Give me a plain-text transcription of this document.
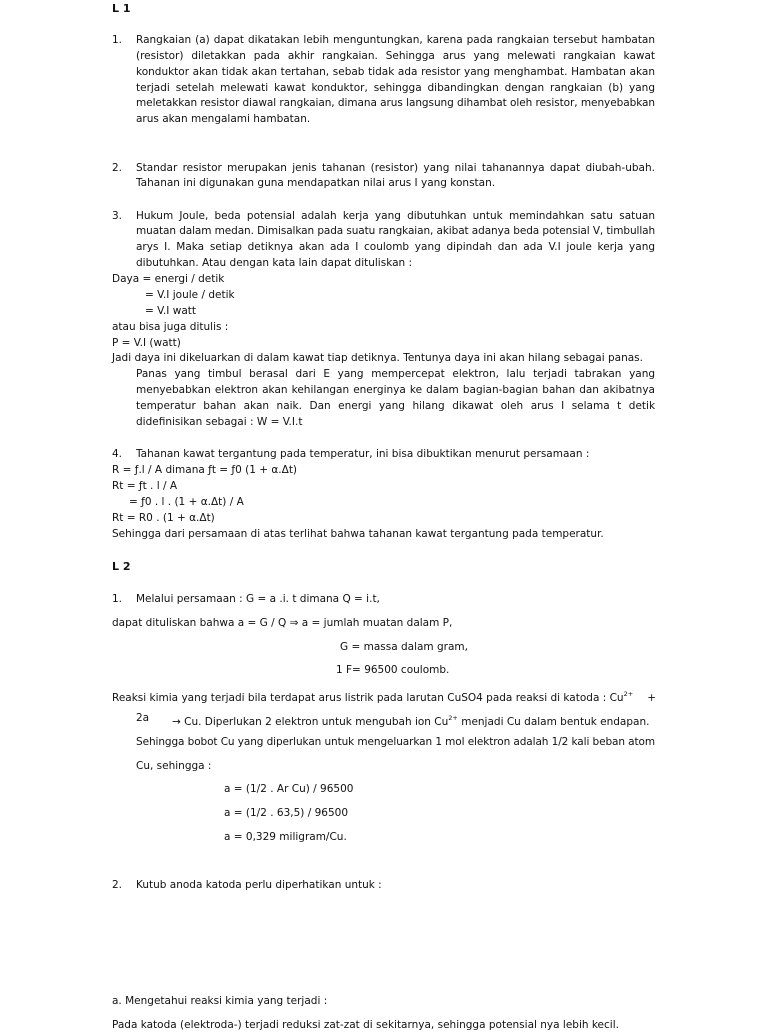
L 1
1. Rangkaian (a) dapat dikatakan lebih menguntungkan, karena pada rangkaian tersebut hambatan
(resistor) diletakkan pada akhir rangkaian. Sehingga arus yang melewati rangkaian kawat
konduktor akan tidak akan tertahan, sebab tidak ada resistor yang menghambat. Hambatan akan
terjadi setelah melewati kawat konduktor, sehingga dibandingkan dengan rangkaian (b) yang
meletakkan resistor diawal rangkaian, dimana arus langsung dihambat oleh resistor, menyebabkan
arus akan mengalami hambatan.
2. Standar resistor merupakan jenis tahanan (resistor) yang nilai tahanannya dapat diubah-ubah.
Tahanan ini digunakan guna mendapatkan nilai arus I yang konstan.
3. Hukum Joule, beda potensial adalah kerja yang dibutuhkan untuk memindahkan satu satuan
muatan dalam medan. Dimisalkan pada suatu rangkaian, akibat adanya beda potensial V, timbullah
arys I. Maka setiap detiknya akan ada I coulomb yang dipindah dan ada V.I joule kerja yang
dibutuhkan. Atau dengan kata lain dapat dituliskan :
Daya = energi / detik
= V.I joule / detik
= V.I watt
atau bisa juga ditulis :
P = V.I (watt)
Jadi daya ini dikeluarkan di dalam kawat tiap detiknya. Tentunya daya ini akan hilang sebagai panas.
Panas yang timbul berasal dari E yang mempercepat elektron, lalu terjadi tabrakan yang
menyebabkan elektron akan kehilangan energinya ke dalam bagian-bagian bahan dan akibatnya
temperatur bahan akan naik. Dan energi yang hilang dikawat oleh arus I selama t detik
didefinisikan sebagai : W = V.I.t
4. Tahanan kawat tergantung pada temperatur, ini bisa dibuktikan menurut persamaan :
R = ƒ.l / A dimana ƒt = ƒ0 (1 + α.Δt)
Rt = ƒt . l / A
= ƒ0 . l . (1 + α.Δt) / A
Rt = R0 . (1 + α.Δt)
Sehingga dari persamaan di atas terlihat bahwa tahanan kawat tergantung pada temperatur.
L 2
1. Melalui persamaan : G = a .i. t dimana Q = i.t,
dapat dituliskan bahwa a = G / Q ⇒ a = jumlah muatan dalam P,
G = massa dalam gram,
1 F= 96500 coulomb.
Reaksi kimia yang terjadi bila terdapat arus listrik pada larutan CuSO4 pada reaksi di katoda : $Cu^{2+}$ +
2a → Cu. Diperlukan 2 elektron untuk mengubah ion $Cu^{2+}$ menjadi Cu dalam bentuk endapan.
Sehingga bobot Cu yang diperlukan untuk mengeluarkan 1 mol elektron adalah 1/2 kali beban atom
Cu, sehingga :
a = (1/2 . Ar Cu) / 96500
a = (1/2 . 63,5) / 96500
a = 0,329 miligram/Cu.
2. Kutub anoda katoda perlu diperhatikan untuk :
a. Mengetahui reaksi kimia yang terjadi :
Pada katoda (elektroda-) terjadi reduksi zat-zat di sekitarnya, sehingga potensial nya lebih kecil.
